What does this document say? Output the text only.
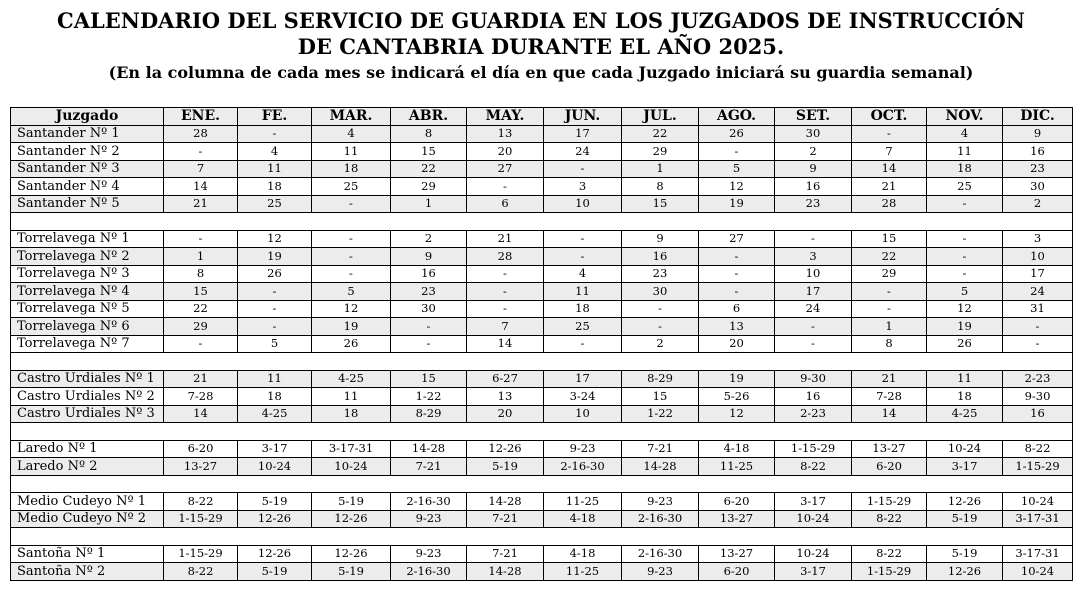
CALENDARIO DEL SERVICIO DE GUARDIA EN LOS JUZGADOS DE INSTRUCCIÓN
DE CANTABRIA DURANTE EL AÑO 2025.

(En la columna de cada mes se indicará el día en que cada Juzgado iniciará su guardia semanal)

Juzgado	ENE.	FE.	MAR.	ABR.	MAY.	JUN.	JUL.	AGO.	SET.	OCT.	NOV.	DIC.
Santander Nº 1	28	-	4	8	13	17	22	26	30	-	4	9
Santander Nº 2	-	4	11	15	20	24	29	-	2	7	11	16
Santander Nº 3	7	11	18	22	27	-	1	5	9	14	18	23
Santander Nº 4	14	18	25	29	-	3	8	12	16	21	25	30
Santander Nº 5	21	25	-	1	6	10	15	19	23	28	-	2

Torrelavega Nº 1	-	12	-	2	21	-	9	27	-	15	-	3
Torrelavega Nº 2	1	19	-	9	28	-	16	-	3	22	-	10
Torrelavega Nº 3	8	26	-	16	-	4	23	-	10	29	-	17
Torrelavega Nº 4	15	-	5	23	-	11	30	-	17	-	5	24
Torrelavega Nº 5	22	-	12	30	-	18	-	6	24	-	12	31
Torrelavega Nº 6	29	-	19	-	7	25	-	13	-	1	19	-
Torrelavega Nº 7	-	5	26	-	14	-	2	20	-	8	26	-

Castro Urdiales Nº 1	21	11	4-25	15	6-27	17	8-29	19	9-30	21	11	2-23
Castro Urdiales Nº 2	7-28	18	11	1-22	13	3-24	15	5-26	16	7-28	18	9-30
Castro Urdiales Nº 3	14	4-25	18	8-29	20	10	1-22	12	2-23	14	4-25	16

Laredo Nº 1	6-20	3-17	3-17-31	14-28	12-26	9-23	7-21	4-18	1-15-29	13-27	10-24	8-22
Laredo Nº 2	13-27	10-24	10-24	7-21	5-19	2-16-30	14-28	11-25	8-22	6-20	3-17	1-15-29

Medio Cudeyo Nº 1	8-22	5-19	5-19	2-16-30	14-28	11-25	9-23	6-20	3-17	1-15-29	12-26	10-24
Medio Cudeyo Nº 2	1-15-29	12-26	12-26	9-23	7-21	4-18	2-16-30	13-27	10-24	8-22	5-19	3-17-31

Santoña Nº 1	1-15-29	12-26	12-26	9-23	7-21	4-18	2-16-30	13-27	10-24	8-22	5-19	3-17-31
Santoña Nº 2	8-22	5-19	5-19	2-16-30	14-28	11-25	9-23	6-20	3-17	1-15-29	12-26	10-24
